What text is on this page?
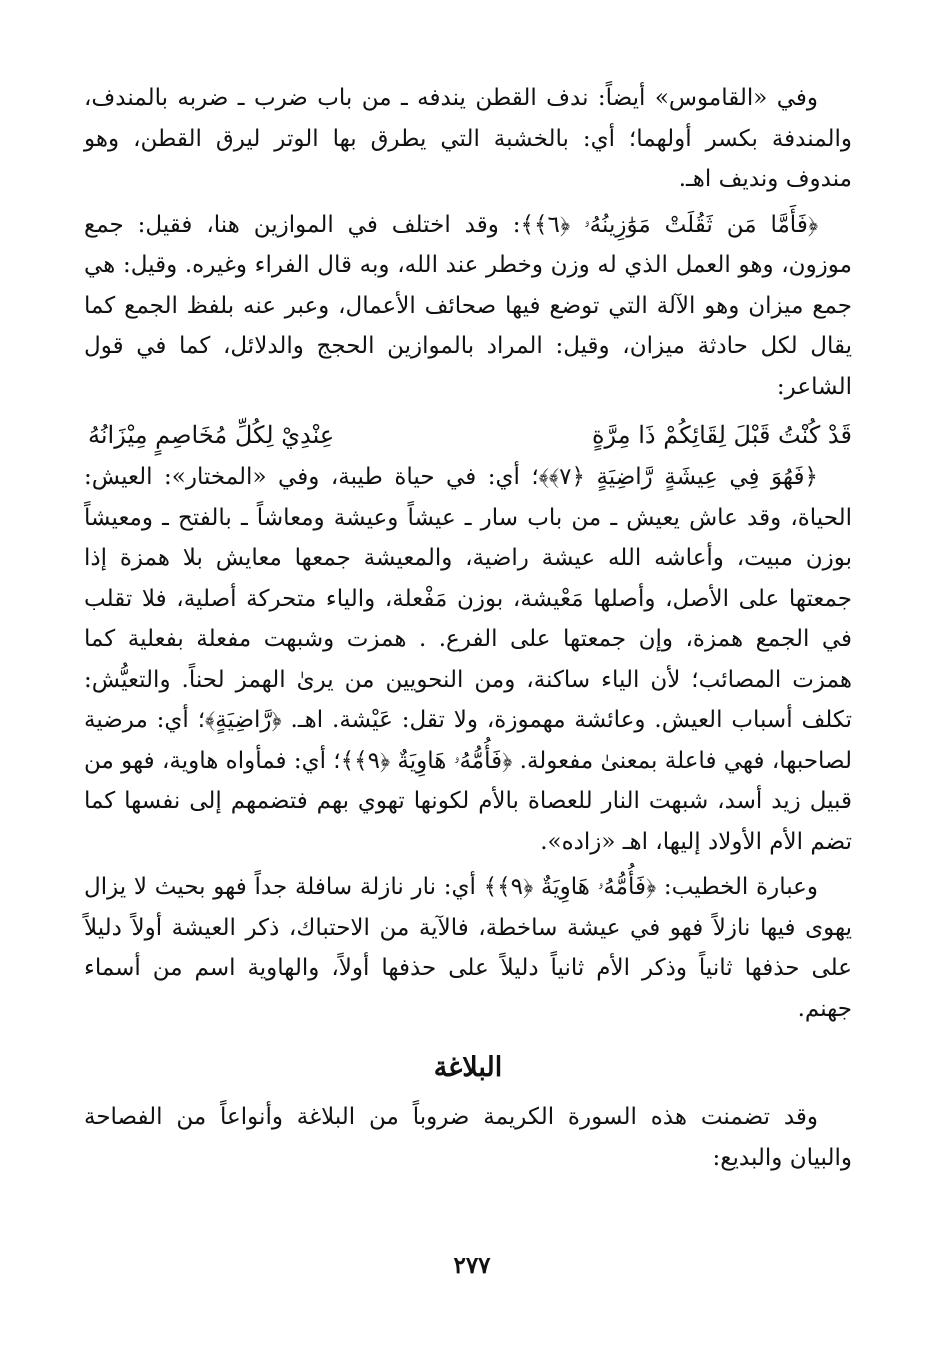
وفي «القاموس» أيضاً: ندف القطن يندفه ـ من باب ضرب ـ ضربه بالمندف، والمندفة بكسر أولهما؛ أي: بالخشبة التي يطرق بها الوتر ليرق القطن، وهو مندوف ونديف اهـ.

﴿فَأَمَّا مَن ثَقُلَتْ مَوَٰزِينُهُۥ ﴿٦﴾﴾: وقد اختلف في الموازين هنا، فقيل: جمع موزون، وهو العمل الذي له وزن وخطر عند الله، وبه قال الفراء وغيره. وقيل: هي جمع ميزان وهو الآلة التي توضع فيها صحائف الأعمال، وعبر عنه بلفظ الجمع كما يقال لكل حادثة ميزان، وقيل: المراد بالموازين الحجج والدلائل، كما في قول الشاعر:

قَدْ كُنْتُ قَبْلَ لِقَائِكُمْ ذَا مِرَّةٍ
عِنْدِيْ لِكُلِّ مُخَاصِمٍ مِيْزَانُهُ

﴿فَهُوَ فِي عِيشَةٍ رَّاضِيَةٍ ﴿٧﴾﴾؛ أي: في حياة طيبة، وفي «المختار»: العيش: الحياة، وقد عاش يعيش ـ من باب سار ـ عيشاً وعيشة ومعاشاً ـ بالفتح ـ ومعيشاً بوزن مبيت، وأعاشه الله عيشة راضية، والمعيشة جمعها معايش بلا همزة إذا جمعتها على الأصل، وأصلها مَعْيشة، بوزن مَفْعلة، والياء متحركة أصلية، فلا تقلب في الجمع همزة، وإن جمعتها على الفرع. . همزت وشبهت مفعلة بفعلية كما همزت المصائب؛ لأن الياء ساكنة، ومن النحويين من يرىٰ الهمز لحناً. والتعيُّش: تكلف أسباب العيش. وعائشة مهموزة، ولا تقل: عَيْشة. اهـ. ﴿رَّاضِيَةٍ﴾؛ أي: مرضية لصاحبها، فهي فاعلة بمعنىٰ مفعولة. ﴿فَأُمُّهُۥ هَاوِيَةٌ ﴿٩﴾﴾؛ أي: فمأواه هاوية، فهو من قبيل زيد أسد، شبهت النار للعصاة بالأم لكونها تهوي بهم فتضمهم إلى نفسها كما تضم الأم الأولاد إليها، اهـ «زاده».

وعبارة الخطيب: ﴿فَأُمُّهُۥ هَاوِيَةٌ ﴿٩﴾﴾ أي: نار نازلة سافلة جداً فهو بحيث لا يزال يهوى فيها نازلاً فهو في عيشة ساخطة، فالآية من الاحتباك، ذكر العيشة أولاً دليلاً على حذفها ثانياً وذكر الأم ثانياً دليلاً على حذفها أولاً، والهاوية اسم من أسماء جهنم.

البلاغة

وقد تضمنت هذه السورة الكريمة ضروباً من البلاغة وأنواعاً من الفصاحة والبيان والبديع:

٢٧٧
